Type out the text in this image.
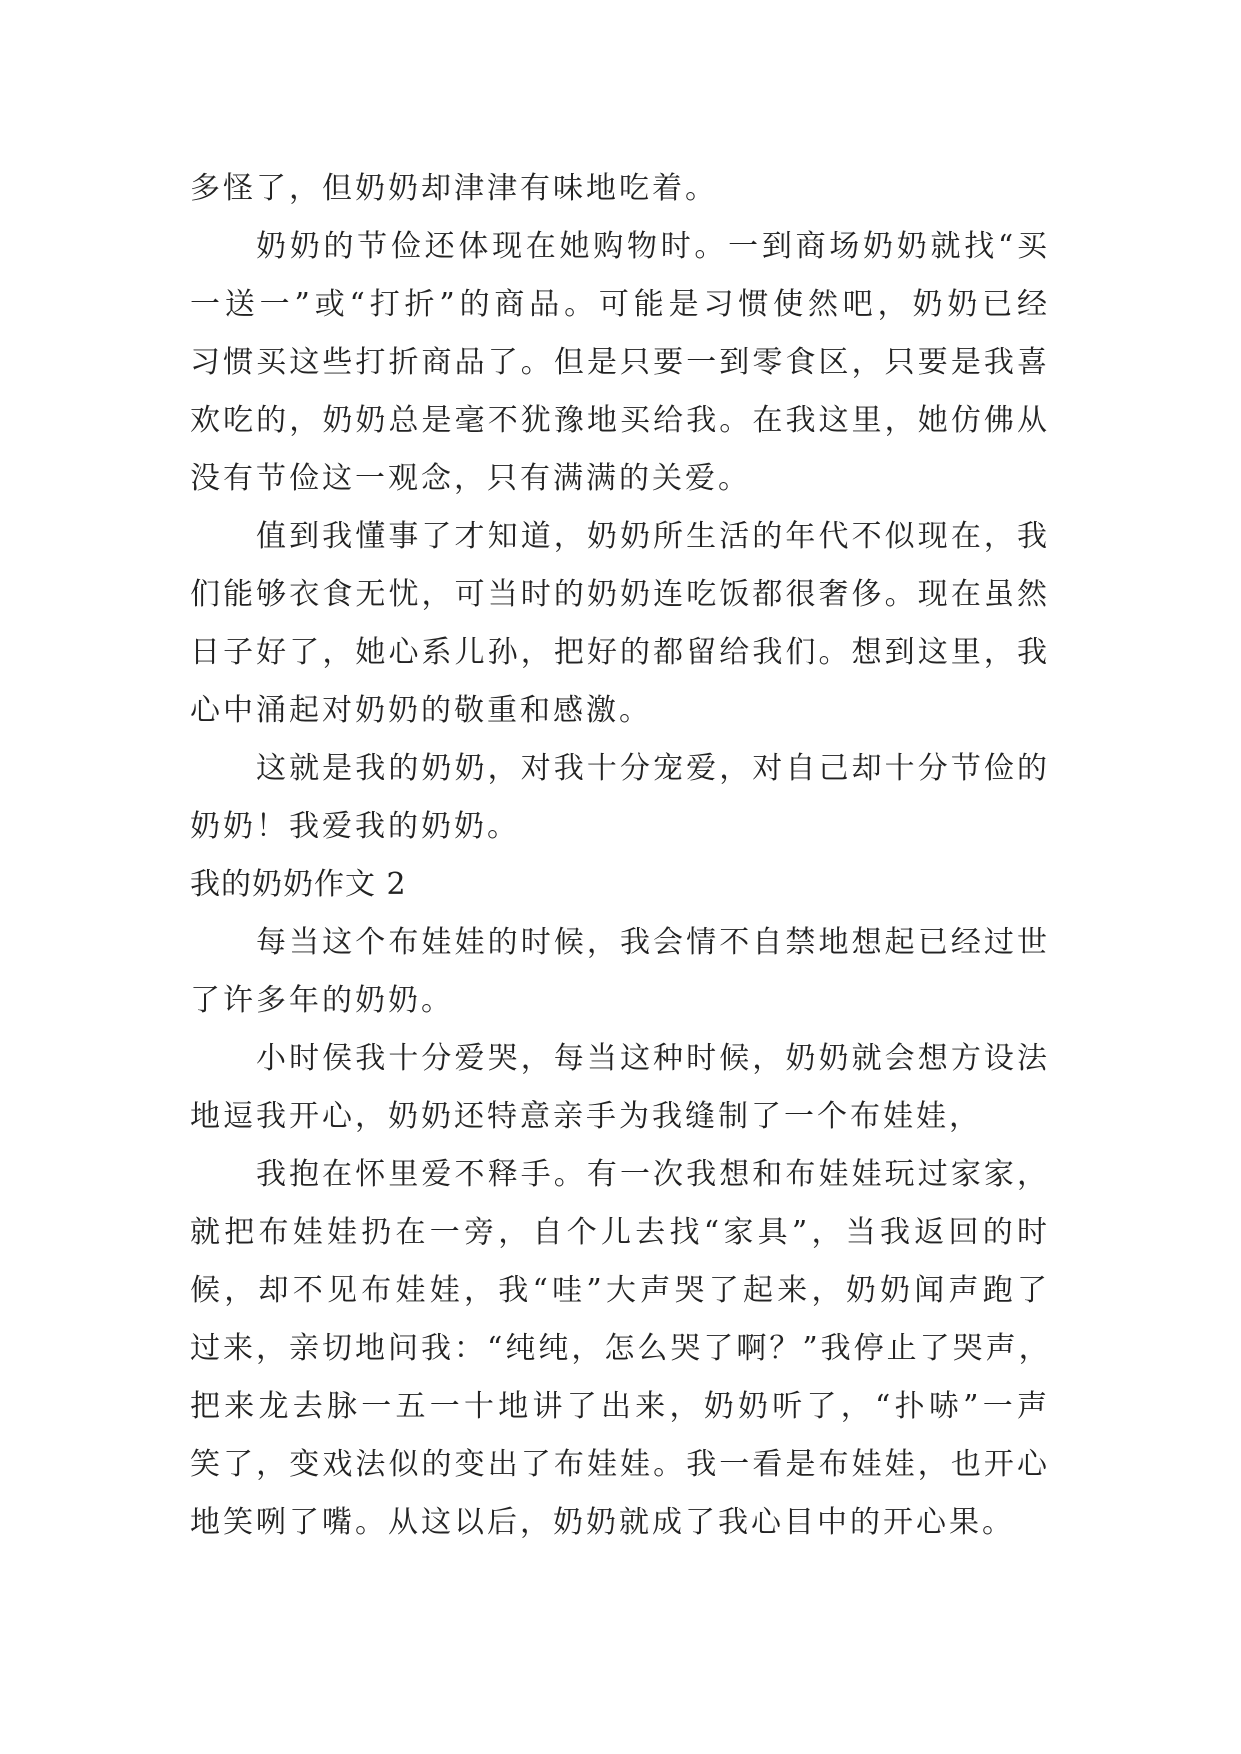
多怪了，但奶奶却津津有味地吃着。
奶奶的节俭还体现在她购物时。一到商场奶奶就找“买
一送一”或“打折”的商品。可能是习惯使然吧，奶奶已经
习惯买这些打折商品了。但是只要一到零食区，只要是我喜
欢吃的，奶奶总是毫不犹豫地买给我。在我这里，她仿佛从
没有节俭这一观念，只有满满的关爱。
值到我懂事了才知道，奶奶所生活的年代不似现在，我
们能够衣食无忧，可当时的奶奶连吃饭都很奢侈。现在虽然
日子好了，她心系儿孙，把好的都留给我们。想到这里，我
心中涌起对奶奶的敬重和感激。
这就是我的奶奶，对我十分宠爱，对自己却十分节俭的
奶奶！我爱我的奶奶。
我的奶奶作文 2
每当这个布娃娃的时候，我会情不自禁地想起已经过世
了许多年的奶奶。
小时侯我十分爱哭，每当这种时候，奶奶就会想方设法
地逗我开心，奶奶还特意亲手为我缝制了一个布娃娃，
我抱在怀里爱不释手。有一次我想和布娃娃玩过家家，
就把布娃娃扔在一旁，自个儿去找“家具”，当我返回的时
候，却不见布娃娃，我“哇”大声哭了起来，奶奶闻声跑了
过来，亲切地问我：“纯纯，怎么哭了啊？”我停止了哭声，
把来龙去脉一五一十地讲了出来，奶奶听了，“扑哧”一声
笑了，变戏法似的变出了布娃娃。我一看是布娃娃，也开心
地笑咧了嘴。从这以后，奶奶就成了我心目中的开心果。
